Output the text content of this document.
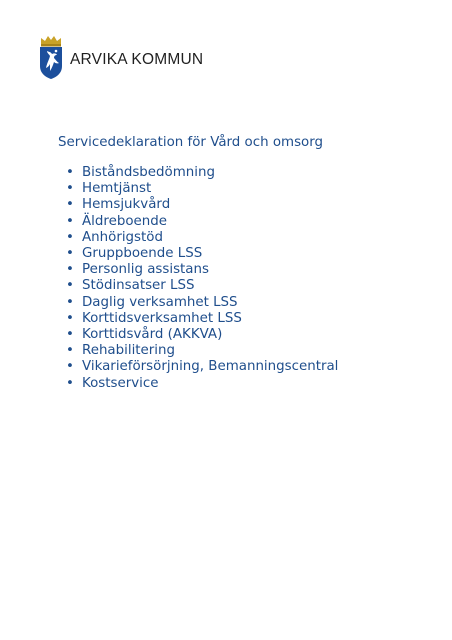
ARVIKA KOMMUN
Servicedeklaration för Vård och omsorg
• Biståndsbedömning
• Hemtjänst
• Hemsjukvård
• Äldreboende
• Anhörigstöd
• Gruppboende LSS
• Personlig assistans
• Stödinsatser LSS
• Daglig verksamhet LSS
• Korttidsverksamhet LSS
• Korttidsvård (AKKVA)
• Rehabilitering
• Vikarieförsörjning, Bemanningscentral
• Kostservice
